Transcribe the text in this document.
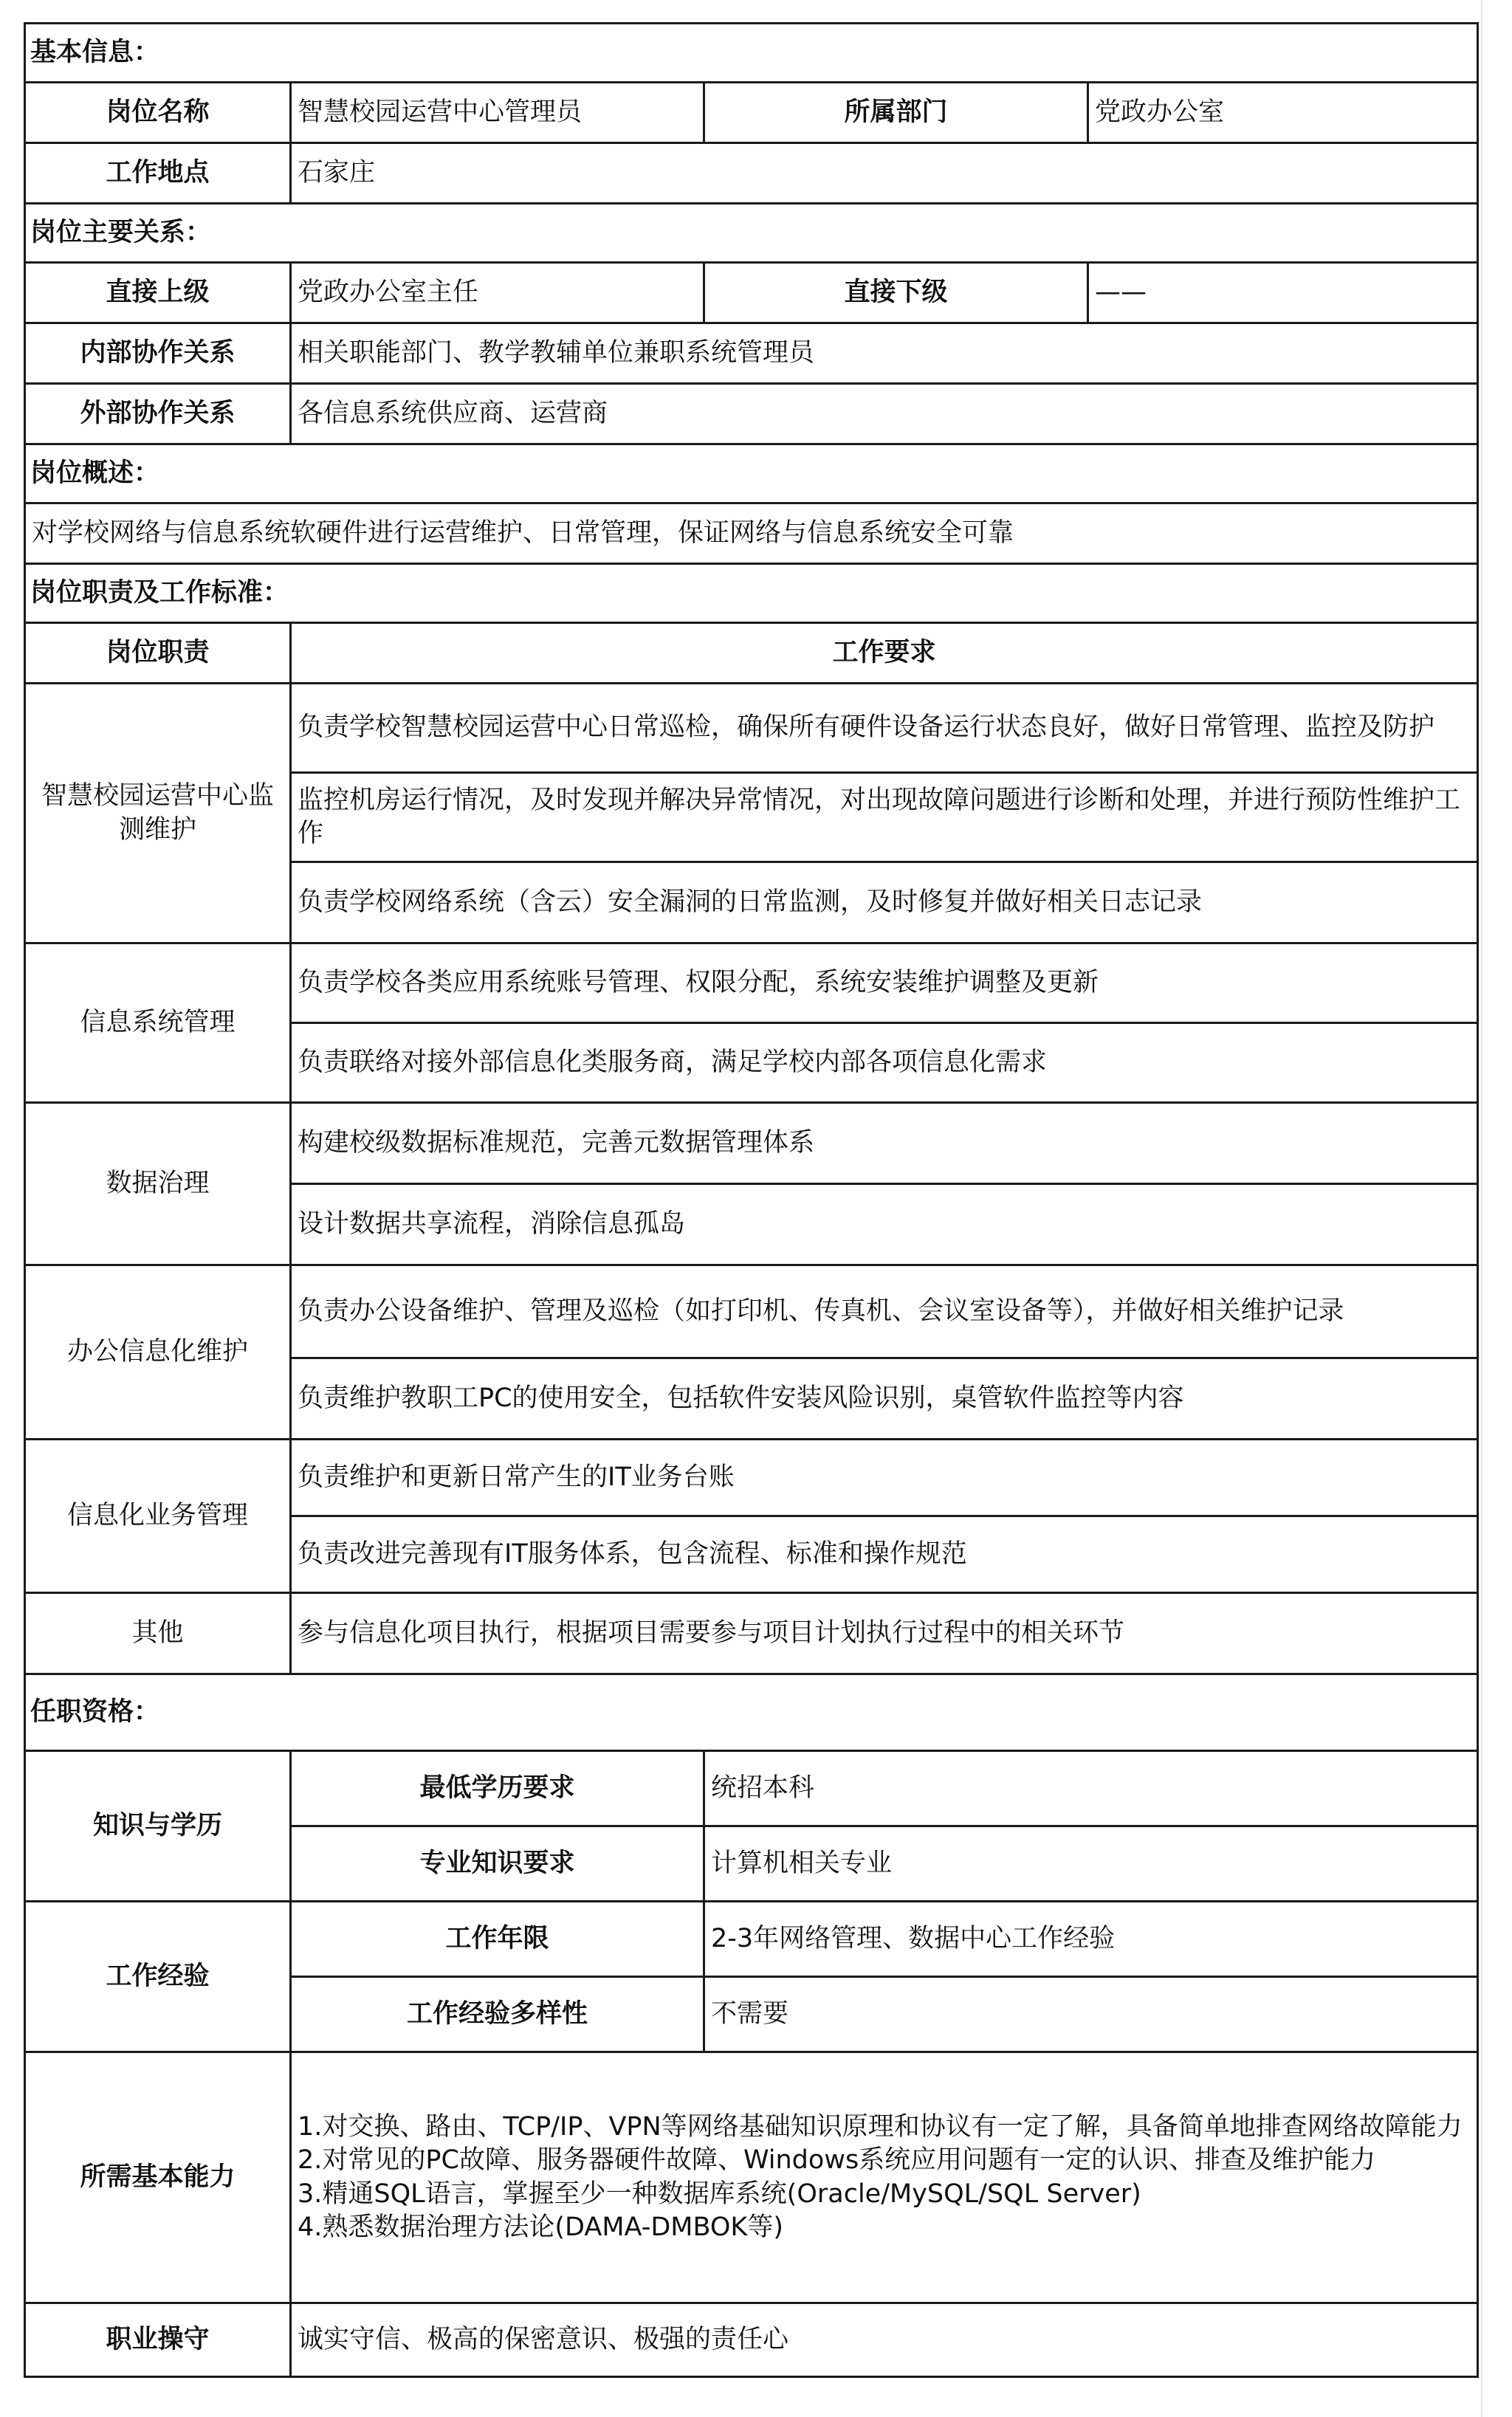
基本信息：			
岗位名称	智慧校园运营中心管理员	所属部门	党政办公室
工作地点	石家庄		
岗位主要关系：			
直接上级	党政办公室主任	直接下级	——
内部协作关系	相关职能部门、教学教辅单位兼职系统管理员		
外部协作关系	各信息系统供应商、运营商		
岗位概述：			
对学校网络与信息系统软硬件进行运营维护、日常管理，保证网络与信息系统安全可靠			
岗位职责及工作标准：			
岗位职责	工作要求		
智慧校园运营中心监测维护	负责学校智慧校园运营中心日常巡检，确保所有硬件设备运行状态良好，做好日常管理、监控及防护		
	监控机房运行情况，及时发现并解决异常情况，对出现故障问题进行诊断和处理，并进行预防性维护工作		
	负责学校网络系统（含云）安全漏洞的日常监测，及时修复并做好相关日志记录		
信息系统管理	负责学校各类应用系统账号管理、权限分配，系统安装维护调整及更新		
	负责联络对接外部信息化类服务商，满足学校内部各项信息化需求		
数据治理	构建校级数据标准规范，完善元数据管理体系		
	设计数据共享流程，消除信息孤岛		
办公信息化维护	负责办公设备维护、管理及巡检（如打印机、传真机、会议室设备等），并做好相关维护记录		
	负责维护教职工PC的使用安全，包括软件安装风险识别，桌管软件监控等内容		
信息化业务管理	负责维护和更新日常产生的IT业务台账		
	负责改进完善现有IT服务体系，包含流程、标准和操作规范		
其他	参与信息化项目执行，根据项目需要参与项目计划执行过程中的相关环节		
任职资格：			
知识与学历	最低学历要求	统招本科	
	专业知识要求	计算机相关专业	
工作经验	工作年限	2-3年网络管理、数据中心工作经验	
	工作经验多样性	不需要	
所需基本能力	1.对交换、路由、TCP/IP、VPN等网络基础知识原理和协议有一定了解，具备简单地排查网络故障能力
2.对常见的PC故障、服务器硬件故障、Windows系统应用问题有一定的认识、排查及维护能力
3.精通SQL语言，掌握至少一种数据库系统(Oracle/MySQL/SQL Server)
4.熟悉数据治理方法论(DAMA-DMBOK等)		

职业操守	诚实守信、极高的保密意识、极强的责任心		
